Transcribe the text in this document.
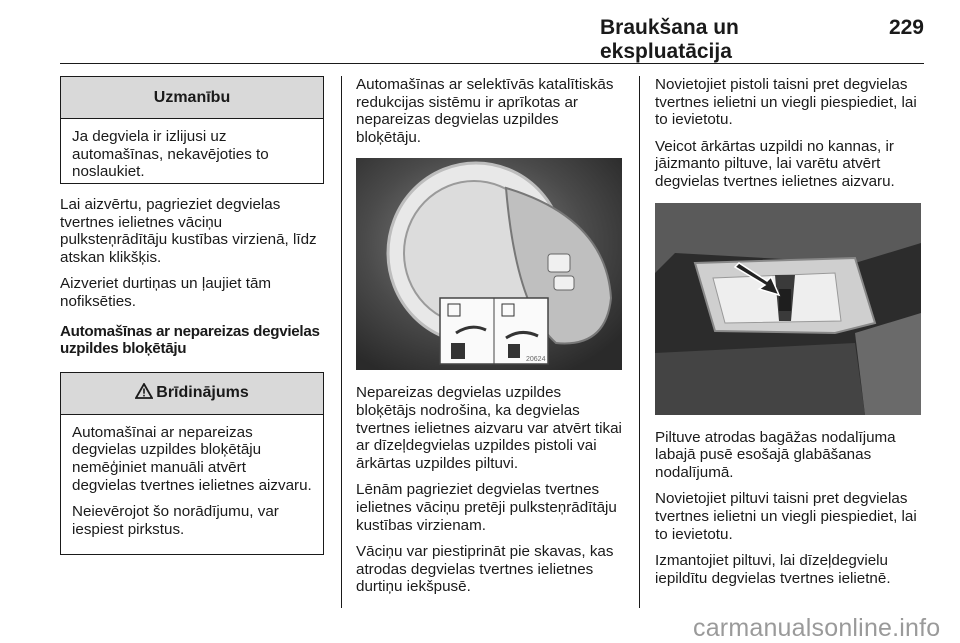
Braukšana un ekspluatācija
229
Uzmanību

Ja degviela ir izlijusi uz automašīnas, nekavējoties to noslaukiet.

Lai aizvērtu, pagrieziet degvielas tvertnes ielietnes vāciņu pulksteņrādītāju kustības virzienā, līdz atskan klikšķis.

Aizveriet durtiņas un ļaujiet tām nofiksēties.

Automašīnas ar nepareizas degvielas uzpildes bloķētāju

Brīdinājums

Automašīnai ar nepareizas degvielas uzpildes bloķētāju nemēģiniet manuāli atvērt degvielas tvertnes ielietnes aizvaru.

Neievērojot šo norādījumu, var iespiest pirkstus.

Automašīnas ar selektīvās katalītiskās redukcijas sistēmu ir aprīkotas ar nepareizas degvielas uzpildes bloķētāju.

20624

Nepareizas degvielas uzpildes bloķētājs nodrošina, ka degvielas tvertnes ielietnes aizvaru var atvērt tikai ar dīzeļdegvielas uzpildes pistoli vai ārkārtas uzpildes piltuvi.

Lēnām pagrieziet degvielas tvertnes ielietnes vāciņu pretēji pulksteņrādītāju kustības virzienam.

Vāciņu var piestiprināt pie skavas, kas atrodas degvielas tvertnes ielietnes durtiņu iekšpusē.

Novietojiet pistoli taisni pret degvielas tvertnes ielietni un viegli piespiediet, lai to ievietotu.

Veicot ārkārtas uzpildi no kannas, ir jāizmanto piltuve, lai varētu atvērt degvielas tvertnes ielietnes aizvaru.

Piltuve atrodas bagāžas nodalījuma labajā pusē esošajā glabāšanas nodalījumā.

Novietojiet piltuvi taisni pret degvielas tvertnes ielietni un viegli piespiediet, lai to ievietotu.

Izmantojiet piltuvi, lai dīzeļdegvielu iepildītu degvielas tvertnes ielietnē.

carmanualsonline.info
